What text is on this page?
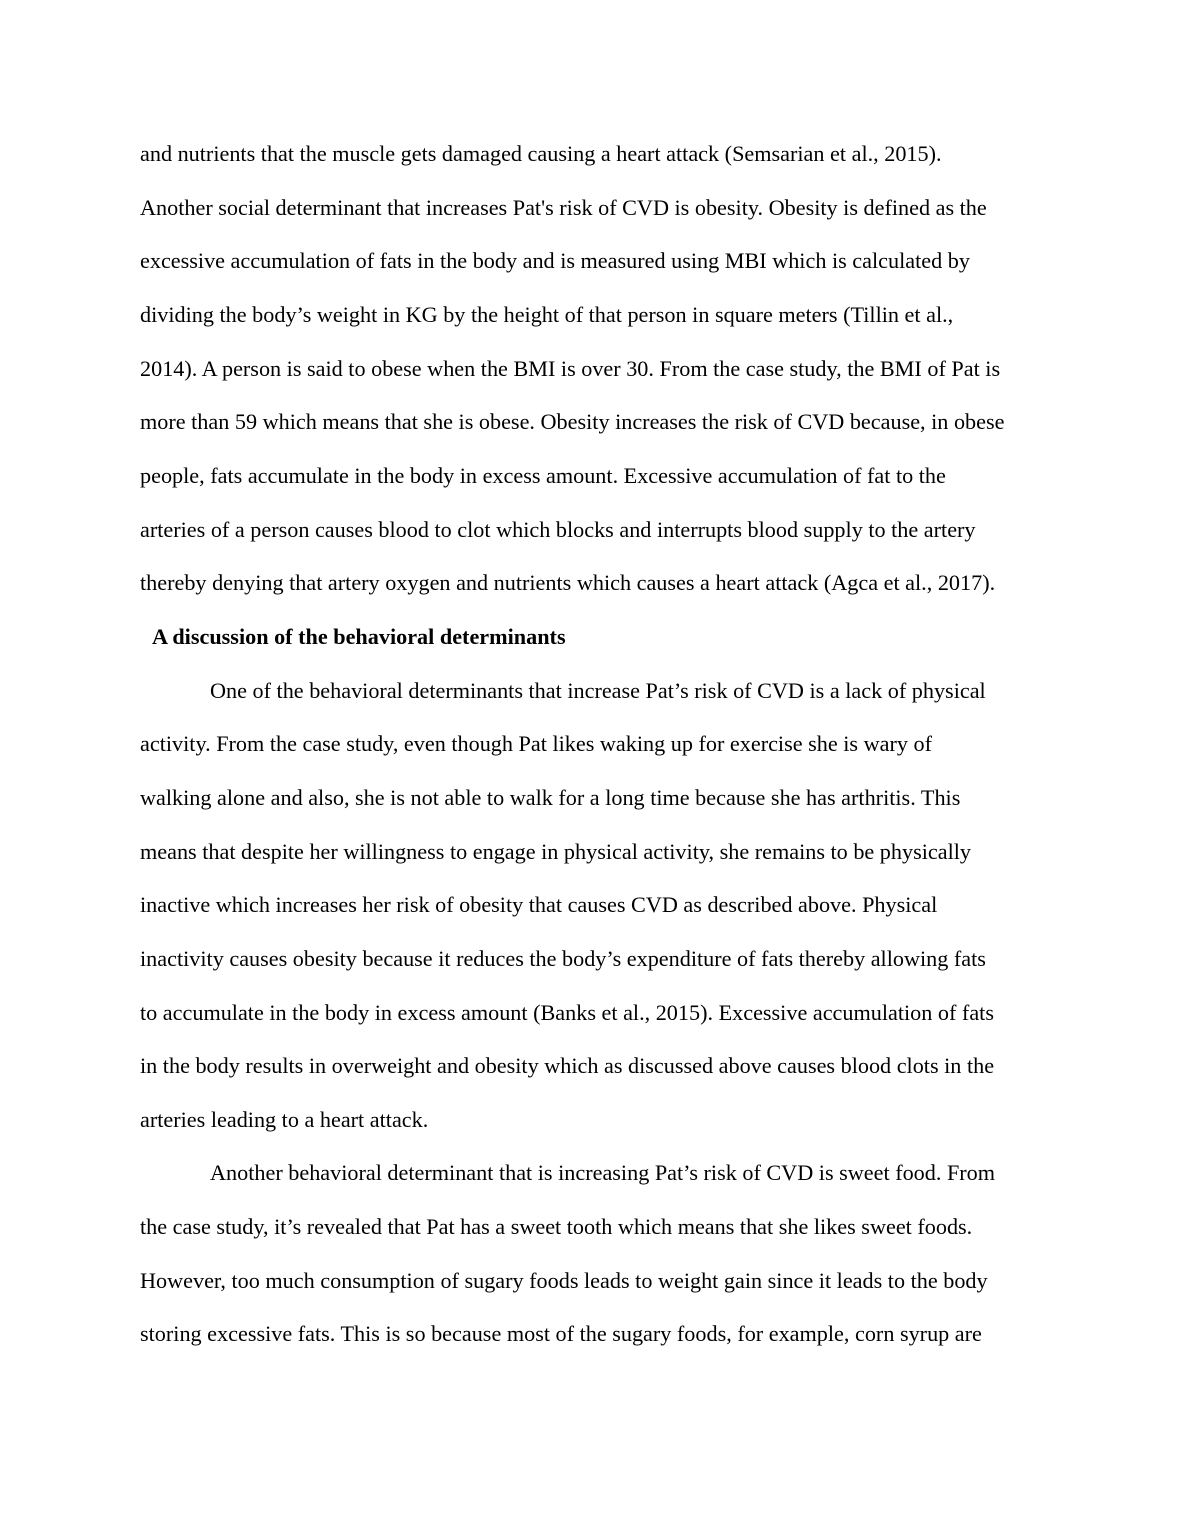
and nutrients that the muscle gets damaged causing a heart attack (Semsarian et al., 2015).
Another social determinant that increases Pat's risk of CVD is obesity. Obesity is defined as the
excessive accumulation of fats in the body and is measured using MBI which is calculated by
dividing the body’s weight in KG by the height of that person in square meters (Tillin et al.,
2014). A person is said to obese when the BMI is over 30. From the case study, the BMI of Pat is
more than 59 which means that she is obese. Obesity increases the risk of CVD because, in obese
people, fats accumulate in the body in excess amount. Excessive accumulation of fat to the
arteries of a person causes blood to clot which blocks and interrupts blood supply to the artery
thereby denying that artery oxygen and nutrients which causes a heart attack (Agca et al., 2017).
A discussion of the behavioral determinants
One of the behavioral determinants that increase Pat’s risk of CVD is a lack of physical
activity. From the case study, even though Pat likes waking up for exercise she is wary of
walking alone and also, she is not able to walk for a long time because she has arthritis. This
means that despite her willingness to engage in physical activity, she remains to be physically
inactive which increases her risk of obesity that causes CVD as described above. Physical
inactivity causes obesity because it reduces the body’s expenditure of fats thereby allowing fats
to accumulate in the body in excess amount (Banks et al., 2015). Excessive accumulation of fats
in the body results in overweight and obesity which as discussed above causes blood clots in the
arteries leading to a heart attack.
Another behavioral determinant that is increasing Pat’s risk of CVD is sweet food. From
the case study, it’s revealed that Pat has a sweet tooth which means that she likes sweet foods.
However, too much consumption of sugary foods leads to weight gain since it leads to the body
storing excessive fats. This is so because most of the sugary foods, for example, corn syrup are
